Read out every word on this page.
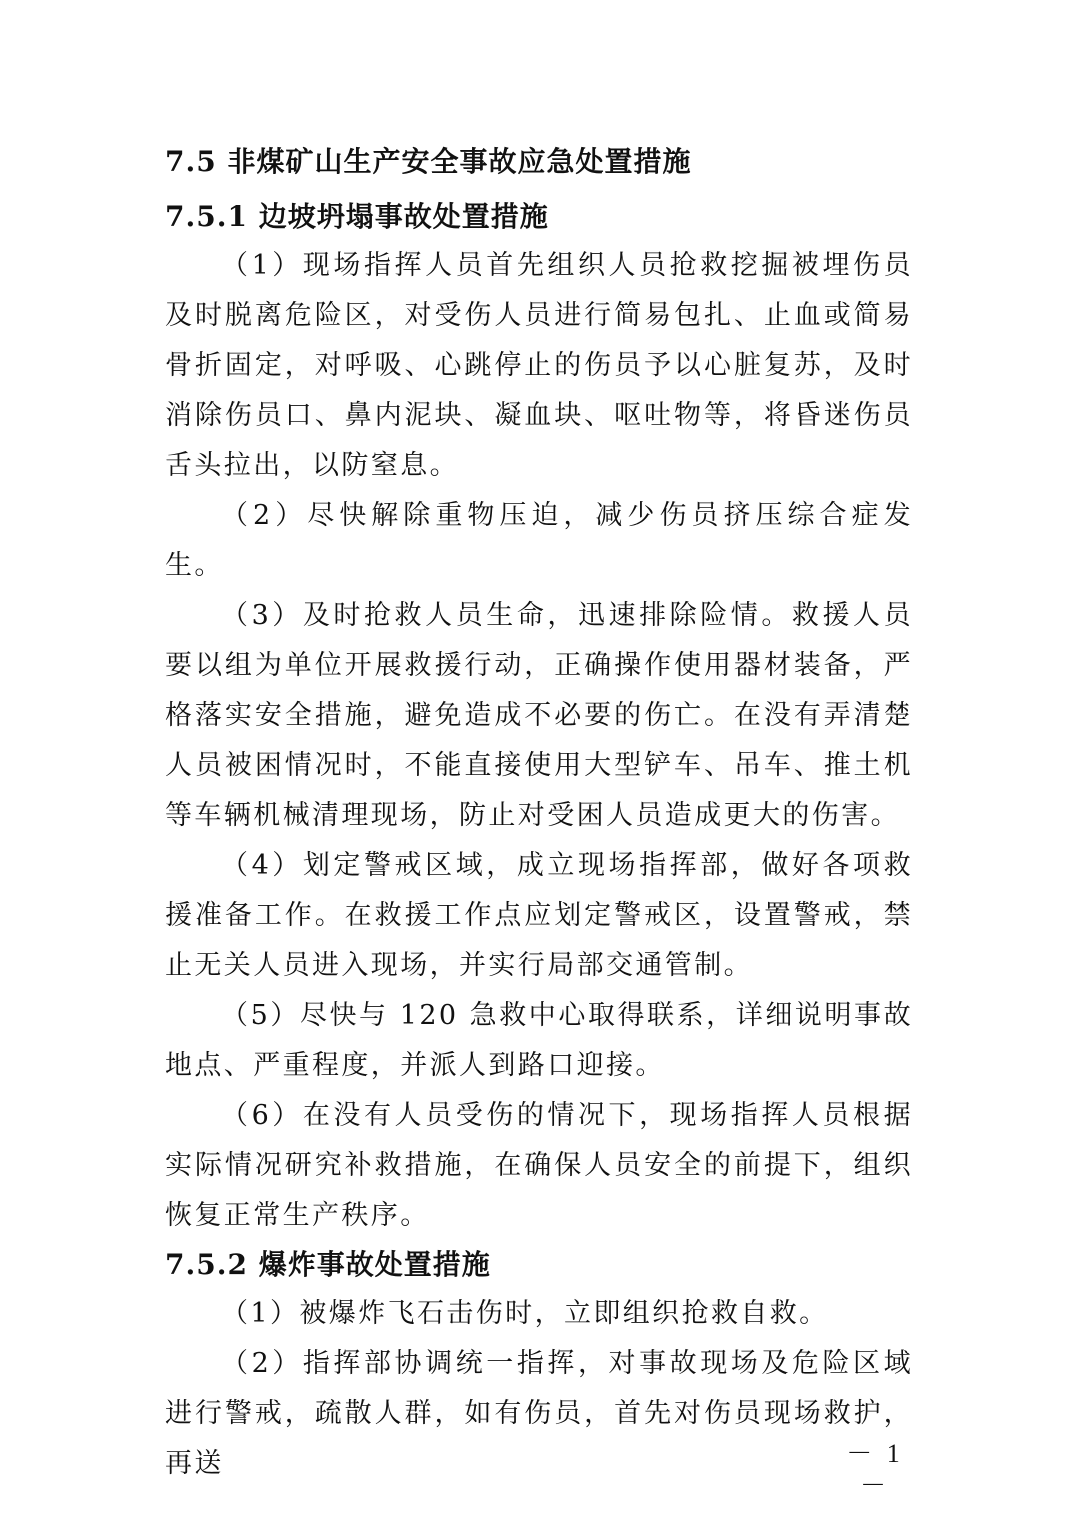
7.5 非煤矿山生产安全事故应急处置措施
7.5.1 边坡坍塌事故处置措施

（1）现场指挥人员首先组织人员抢救挖掘被埋伤员及时脱离危险区，对受伤人员进行简易包扎、止血或简易骨折固定，对呼吸、心跳停止的伤员予以心脏复苏，及时消除伤员口、鼻内泥块、凝血块、呕吐物等，将昏迷伤员舌头拉出，以防窒息。

（2）尽快解除重物压迫，减少伤员挤压综合症发生。

（3）及时抢救人员生命，迅速排除险情。救援人员要以组为单位开展救援行动，正确操作使用器材装备，严格落实安全措施，避免造成不必要的伤亡。在没有弄清楚人员被困情况时，不能直接使用大型铲车、吊车、推土机等车辆机械清理现场，防止对受困人员造成更大的伤害。

（4）划定警戒区域，成立现场指挥部，做好各项救援准备工作。在救援工作点应划定警戒区，设置警戒，禁止无关人员进入现场，并实行局部交通管制。

（5）尽快与 120 急救中心取得联系，详细说明事故地点、严重程度，并派人到路口迎接。

（6）在没有人员受伤的情况下，现场指挥人员根据实际情况研究补救措施，在确保人员安全的前提下，组织恢复正常生产秩序。

7.5.2 爆炸事故处置措施

（1）被爆炸飞石击伤时，立即组织抢救自救。

（2）指挥部协调统一指挥，对事故现场及危险区域进行警戒，疏散人群，如有伤员，首先对伤员现场救护，再送	－ 1 －
